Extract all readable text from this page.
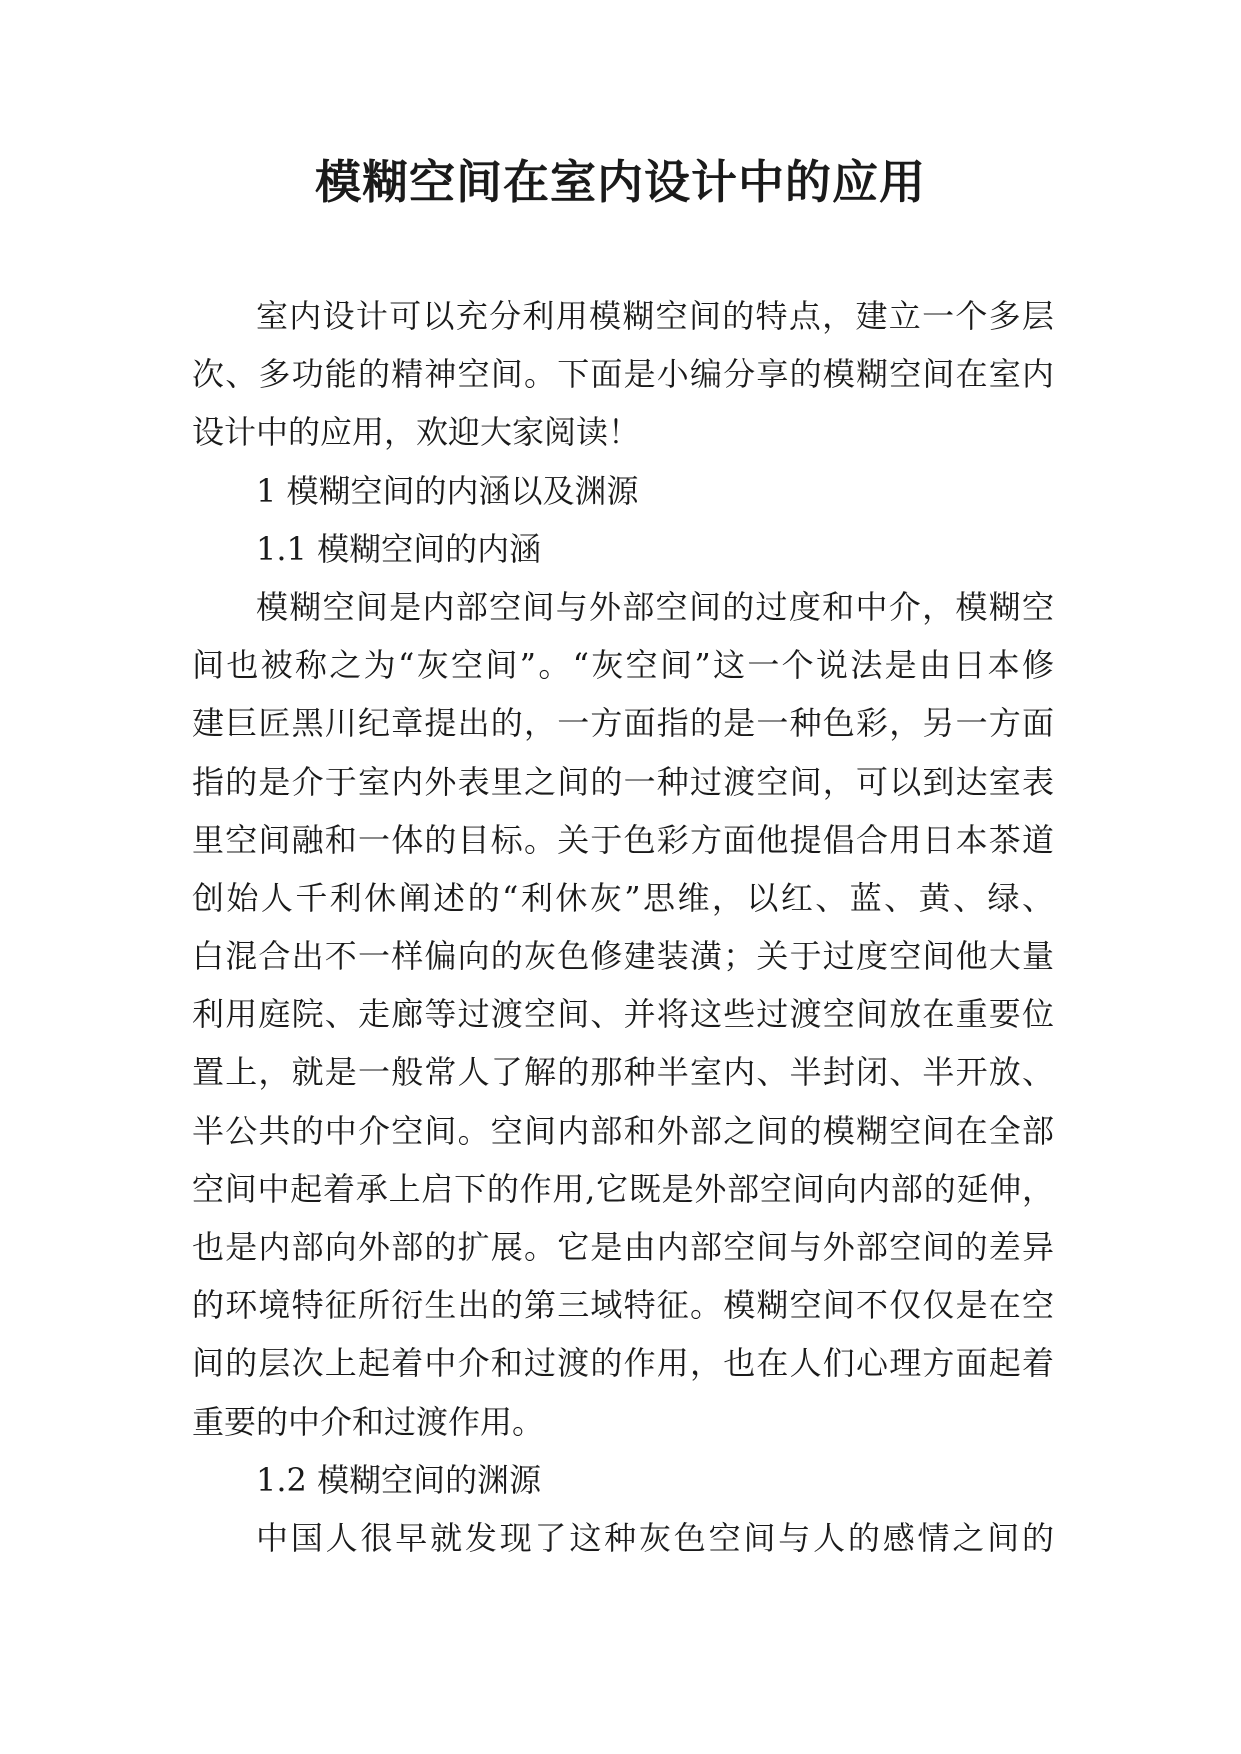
模糊空间在室内设计中的应用
室内设计可以充分利用模糊空间的特点，建立一个多层
次、多功能的精神空间。下面是小编分享的模糊空间在室内
设计中的应用，欢迎大家阅读！
1 模糊空间的内涵以及渊源
1.1 模糊空间的内涵
模糊空间是内部空间与外部空间的过度和中介，模糊空
间也被称之为“灰空间”。“灰空间”这一个说法是由日本修
建巨匠黑川纪章提出的，一方面指的是一种色彩，另一方面
指的是介于室内外表里之间的一种过渡空间，可以到达室表
里空间融和一体的目标。关于色彩方面他提倡合用日本茶道
创始人千利休阐述的“利休灰”思维，以红、蓝、黄、绿、
白混合出不一样偏向的灰色修建装潢；关于过度空间他大量
利用庭院、走廊等过渡空间、并将这些过渡空间放在重要位
置上，就是一般常人了解的那种半室内、半封闭、半开放、
半公共的中介空间。空间内部和外部之间的模糊空间在全部
空间中起着承上启下的作用,它既是外部空间向内部的延伸，
也是内部向外部的扩展。它是由内部空间与外部空间的差异
的环境特征所衍生出的第三域特征。模糊空间不仅仅是在空
间的层次上起着中介和过渡的作用，也在人们心理方面起着
重要的中介和过渡作用。
1.2 模糊空间的渊源
中国人很早就发现了这种灰色空间与人的感情之间的
